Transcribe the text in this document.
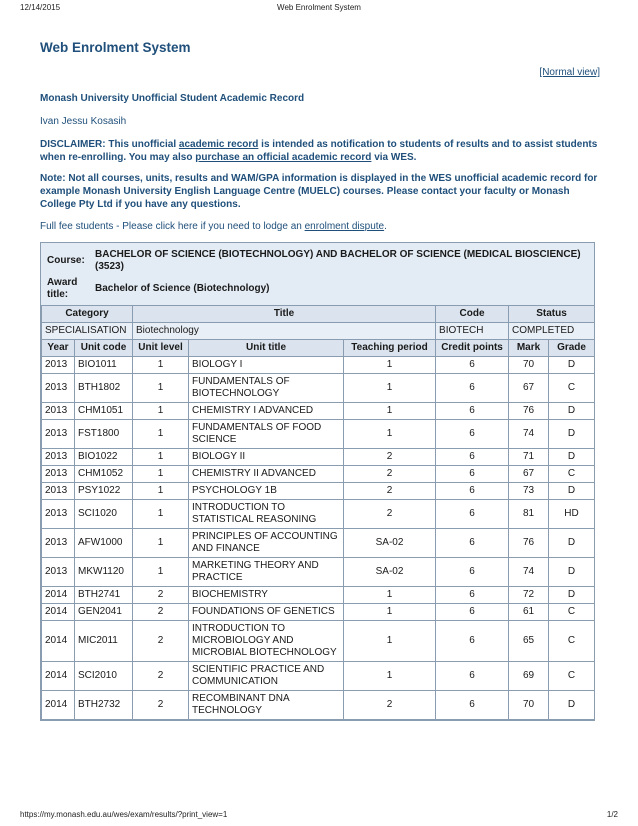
12/14/2015	Web Enrolment System
Web Enrolment System
[Normal view]
Monash University Unofficial Student Academic Record
Ivan Jessu Kosasih
DISCLAIMER: This unofficial academic record is intended as notification to students of results and to assist students when re-enrolling. You may also purchase an official academic record via WES.
Note: Not all courses, units, results and WAM/GPA information is displayed in the WES unofficial academic record for example Monash University English Language Centre (MUELC) courses. Please contact your faculty or Monash College Pty Ltd if you have any questions.
Full fee students - Please click here if you need to lodge an enrolment dispute.
Course:
BACHELOR OF SCIENCE (BIOTECHNOLOGY) AND BACHELOR OF SCIENCE (MEDICAL BIOSCIENCE) (3523)
Award title:
Bachelor of Science (Biotechnology)
Category		Title			Code	Status	
SPECIALISATION		Biotechnology			BIOTECH	COMPLETED	
Year	Unit code	Unit level	Unit title	Teaching period	Credit points	Mark	Grade
2013	BIO1011	1	BIOLOGY I	1	6	70	D
2013	BTH1802	1	FUNDAMENTALS OF BIOTECHNOLOGY	1	6	67	C
2013	CHM1051	1	CHEMISTRY I ADVANCED	1	6	76	D
2013	FST1800	1	FUNDAMENTALS OF FOOD SCIENCE	1	6	74	D
2013	BIO1022	1	BIOLOGY II	2	6	71	D
2013	CHM1052	1	CHEMISTRY II ADVANCED	2	6	67	C
2013	PSY1022	1	PSYCHOLOGY 1B	2	6	73	D
2013	SCI1020	1	INTRODUCTION TO STATISTICAL REASONING	2	6	81	HD
2013	AFW1000	1	PRINCIPLES OF ACCOUNTING AND FINANCE	SA-02	6	76	D
2013	MKW1120	1	MARKETING THEORY AND PRACTICE	SA-02	6	74	D
2014	BTH2741	2	BIOCHEMISTRY	1	6	72	D
2014	GEN2041	2	FOUNDATIONS OF GENETICS	1	6	61	C
2014	MIC2011	2	INTRODUCTION TO MICROBIOLOGY AND MICROBIAL BIOTECHNOLOGY	1	6	65	C
2014	SCI2010	2	SCIENTIFIC PRACTICE AND COMMUNICATION	1	6	69	C
2014	BTH2732	2	RECOMBINANT DNA TECHNOLOGY	2	6	70	D
https://my.monash.edu.au/wes/exam/results/?print_view=1	1/2
